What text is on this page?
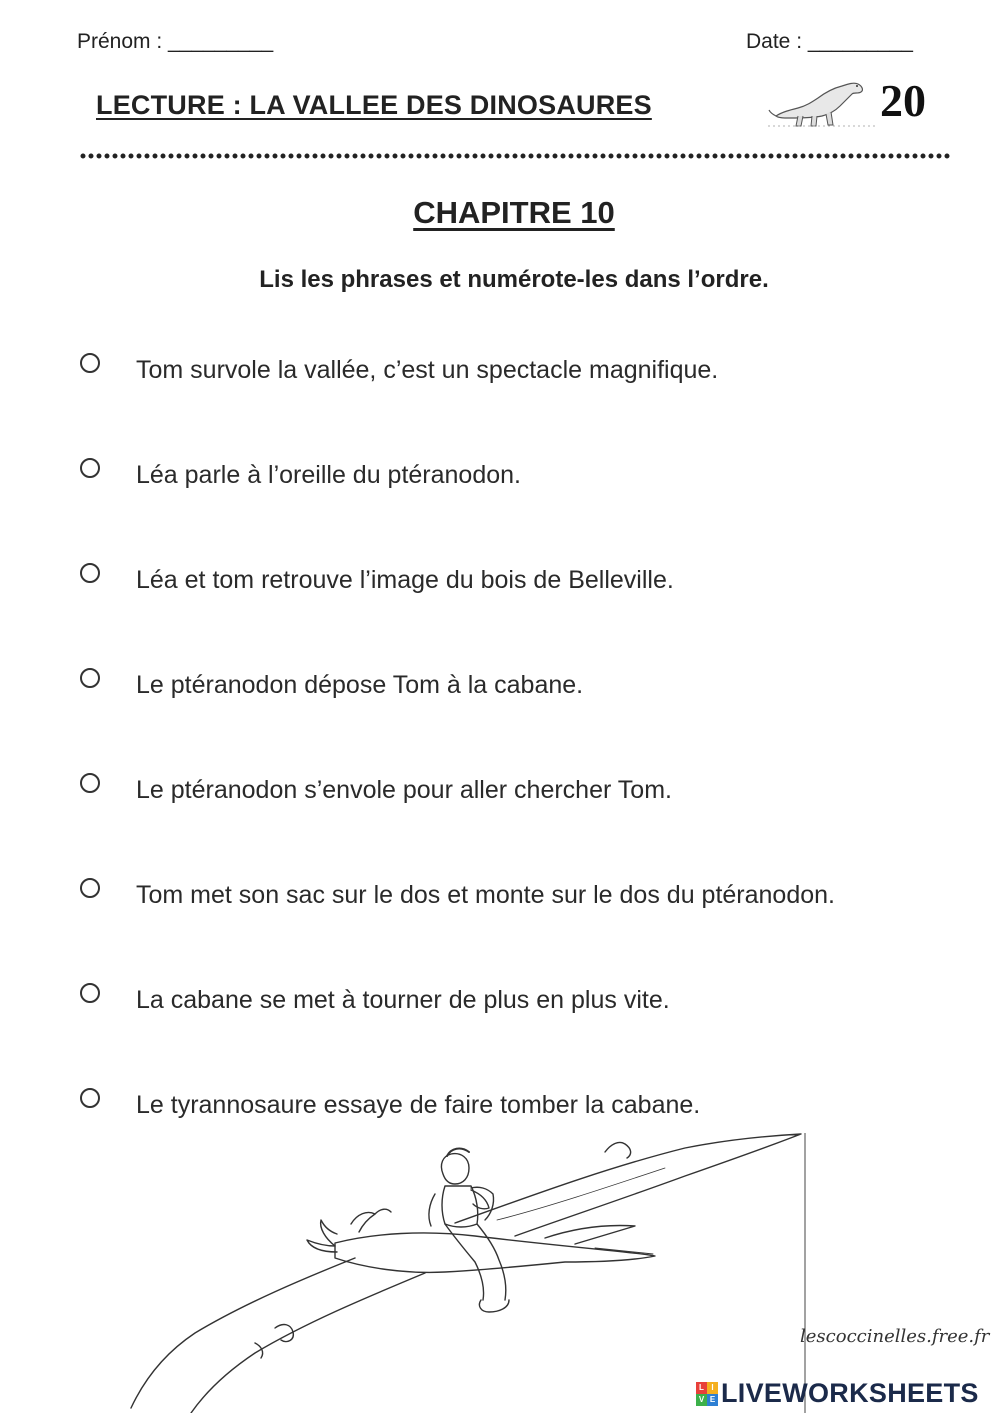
Prénom : _________	Date : _________
LECTURE : LA VALLEE DES DINOSAURES	20
CHAPITRE 10
Lis les phrases et numérote-les dans l’ordre.
Tom survole la vallée, c’est un spectacle magnifique.
Léa parle à l’oreille du ptéranodon.
Léa et tom retrouve l’image du bois de Belleville.
Le ptéranodon dépose Tom à la cabane.
Le ptéranodon s’envole pour aller chercher Tom.
Tom met son sac sur le dos et monte sur le dos du ptéranodon.
La cabane se met à tourner de plus en plus vite.
Le tyrannosaure essaye de faire tomber la cabane.
lescoccinelles.free.fr
L I
V E LIVEWORKSHEETS
